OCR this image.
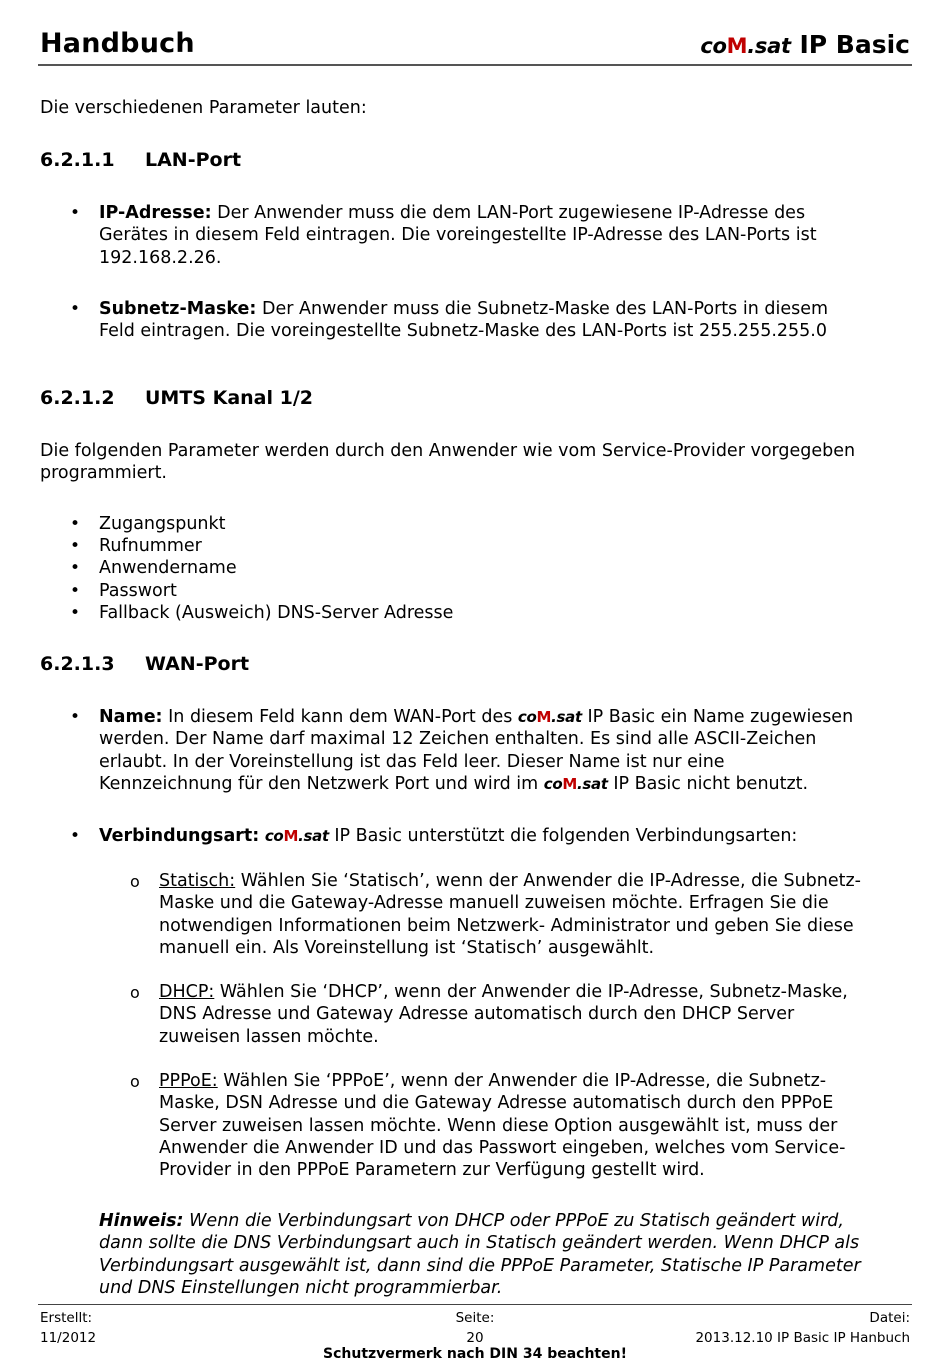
Handbuch	coM.sat IP Basic
Die verschiedenen Parameter lauten:
6.2.1.1 LAN-Port
•	IP-Adresse: Der Anwender muss die dem LAN-Port zugewiesene IP-Adresse des
Gerätes in diesem Feld eintragen. Die voreingestellte IP-Adresse des LAN-Ports ist
192.168.2.26.
•	Subnetz-Maske: Der Anwender muss die Subnetz-Maske des LAN-Ports in diesem
Feld eintragen. Die voreingestellte Subnetz-Maske des LAN-Ports ist 255.255.255.0
6.2.1.2 UMTS Kanal 1/2
Die folgenden Parameter werden durch den Anwender wie vom Service-Provider vorgegeben
programmiert.
•	Zugangspunkt
•	Rufnummer
•	Anwendername
•	Passwort
•	Fallback (Ausweich) DNS-Server Adresse
6.2.1.3 WAN-Port
•	Name: In diesem Feld kann dem WAN-Port des coM.sat IP Basic ein Name zugewiesen
werden. Der Name darf maximal 12 Zeichen enthalten. Es sind alle ASCII-Zeichen
erlaubt. In der Voreinstellung ist das Feld leer. Dieser Name ist nur eine
Kennzeichnung für den Netzwerk Port und wird im coM.sat IP Basic nicht benutzt.
•	Verbindungsart: coM.sat IP Basic unterstützt die folgenden Verbindungsarten:
o Statisch: Wählen Sie ‘Statisch’, wenn der Anwender die IP-Adresse, die Subnetz-
Maske und die Gateway-Adresse manuell zuweisen möchte. Erfragen Sie die
notwendigen Informationen beim Netzwerk- Administrator und geben Sie diese
manuell ein. Als Voreinstellung ist ‘Statisch’ ausgewählt.
o DHCP: Wählen Sie ‘DHCP’, wenn der Anwender die IP-Adresse, Subnetz-Maske,
DNS Adresse und Gateway Adresse automatisch durch den DHCP Server
zuweisen lassen möchte.
o PPPoE: Wählen Sie ‘PPPoE’, wenn der Anwender die IP-Adresse, die Subnetz-
Maske, DSN Adresse und die Gateway Adresse automatisch durch den PPPoE
Server zuweisen lassen möchte. Wenn diese Option ausgewählt ist, muss der
Anwender die Anwender ID und das Passwort eingeben, welches vom Service-
Provider in den PPPoE Parametern zur Verfügung gestellt wird.
Hinweis: Wenn die Verbindungsart von DHCP oder PPPoE zu Statisch geändert wird,
dann sollte die DNS Verbindungsart auch in Statisch geändert werden. Wenn DHCP als
Verbindungsart ausgewählt ist, dann sind die PPPoE Parameter, Statische IP Parameter
und DNS Einstellungen nicht programmierbar.
Erstellt:
11/2012
Seite:
20
Datei:
2013.12.10 IP Basic IP Hanbuch
Schutzvermerk nach DIN 34 beachten!
